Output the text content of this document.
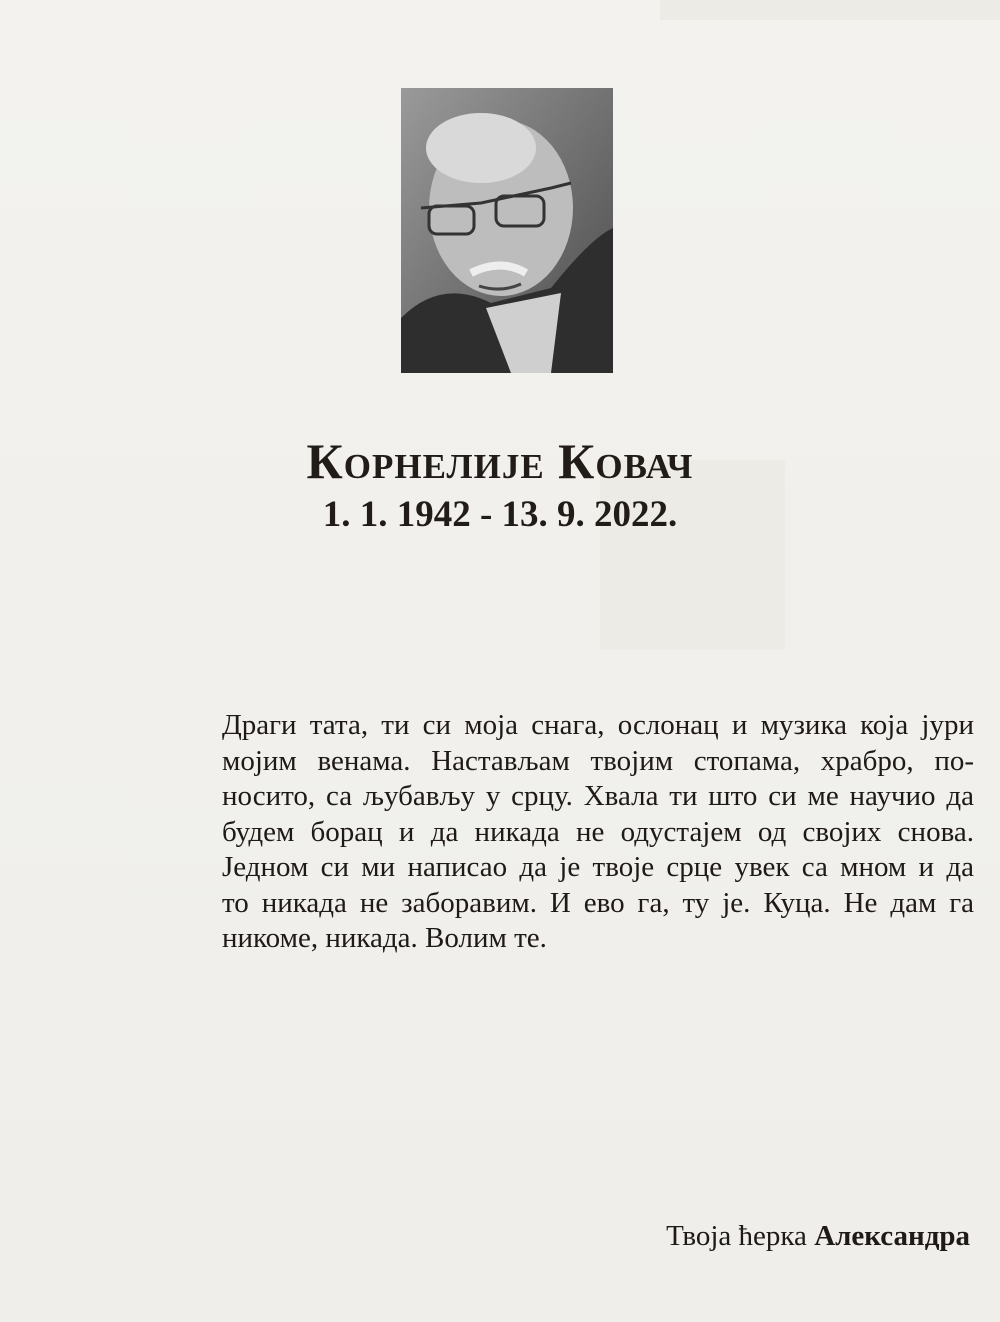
Корнелије Ковач
1. 1. 1942 - 13. 9. 2022.
Драги тата, ти си моја снага, ослонац и музика која јури
мојим венама. Настављам твојим стопама, храбро, по-
носито, са љубављу у срцу. Хвала ти што си ме научио да
будем борац и да никада не одустајем од својих снова.
Једном си ми написао да је твоје срце увек са мном и да
то никада не заборавим. И ево га, ту је. Куца. Не дам га
никоме, никада. Волим те.
Твоја ћерка Александра
